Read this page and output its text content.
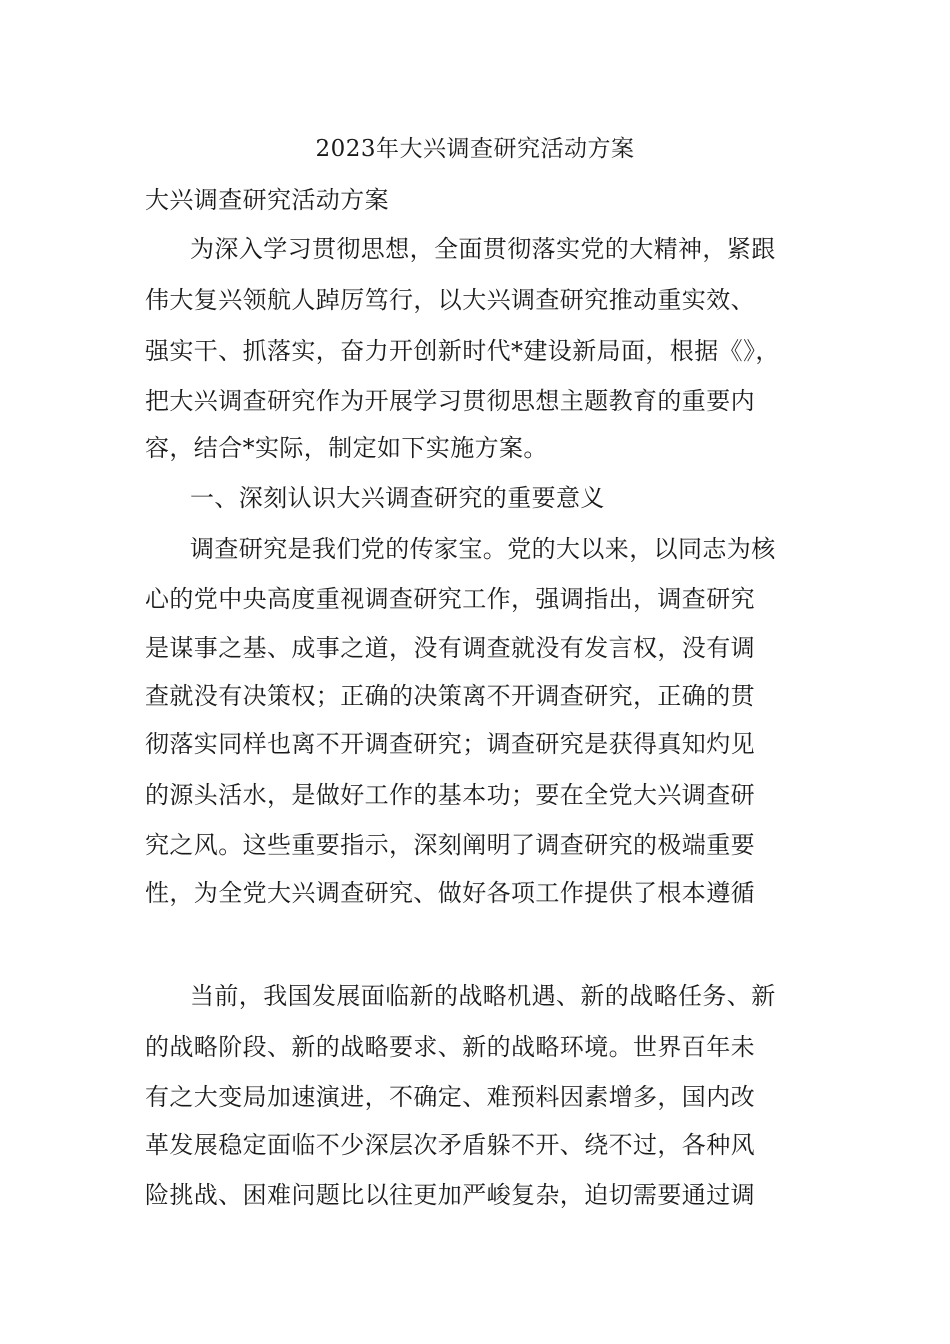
2023年大兴调查研究活动方案
大兴调查研究活动方案
为深入学习贯彻思想，全面贯彻落实党的大精神，紧跟
伟大复兴领航人踔厉笃行，以大兴调查研究推动重实效、
强实干、抓落实，奋力开创新时代*建设新局面，根据《》，
把大兴调查研究作为开展学习贯彻思想主题教育的重要内
容，结合*实际，制定如下实施方案。
一、深刻认识大兴调查研究的重要意义
调查研究是我们党的传家宝。党的大以来，以同志为核
心的党中央高度重视调查研究工作，强调指出，调查研究
是谋事之基、成事之道，没有调查就没有发言权，没有调
查就没有决策权；正确的决策离不开调查研究，正确的贯
彻落实同样也离不开调查研究；调查研究是获得真知灼见
的源头活水，是做好工作的基本功；要在全党大兴调查研
究之风。这些重要指示，深刻阐明了调查研究的极端重要
性，为全党大兴调查研究、做好各项工作提供了根本遵循
当前，我国发展面临新的战略机遇、新的战略任务、新
的战略阶段、新的战略要求、新的战略环境。世界百年未
有之大变局加速演进，不确定、难预料因素增多，国内改
革发展稳定面临不少深层次矛盾躲不开、绕不过，各种风
险挑战、困难问题比以往更加严峻复杂，迫切需要通过调
